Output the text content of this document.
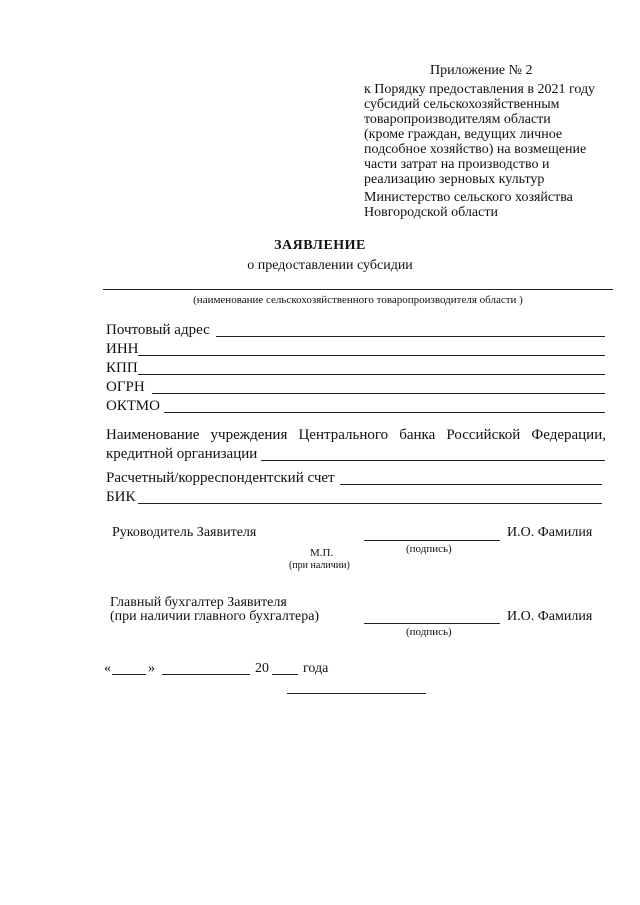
Приложение № 2
к Порядку предоставления в 2021 году
субсидий сельскохозяйственным
товаропроизводителям области
(кроме граждан, ведущих личное
подсобное хозяйство) на возмещение
части затрат на производство и
реализацию зерновых культур
Министерство сельского хозяйства
Новгородской области
ЗАЯВЛЕНИЕ
о предоставлении субсидии
(наименование сельскохозяйственного товаропроизводителя области )
Почтовый адрес
ИНН
КПП
ОГРН
ОКТМО
Наименование учреждения Центрального банка Российской Федерации,
кредитной организации
Расчетный/корреспондентский счет
БИК
Руководитель Заявителя	И.О. Фамилия
(подпись)
М.П.
(при наличии)
Главный бухгалтер Заявителя
(при наличии главного бухгалтера)	И.О. Фамилия
(подпись)
«	»	20 года
